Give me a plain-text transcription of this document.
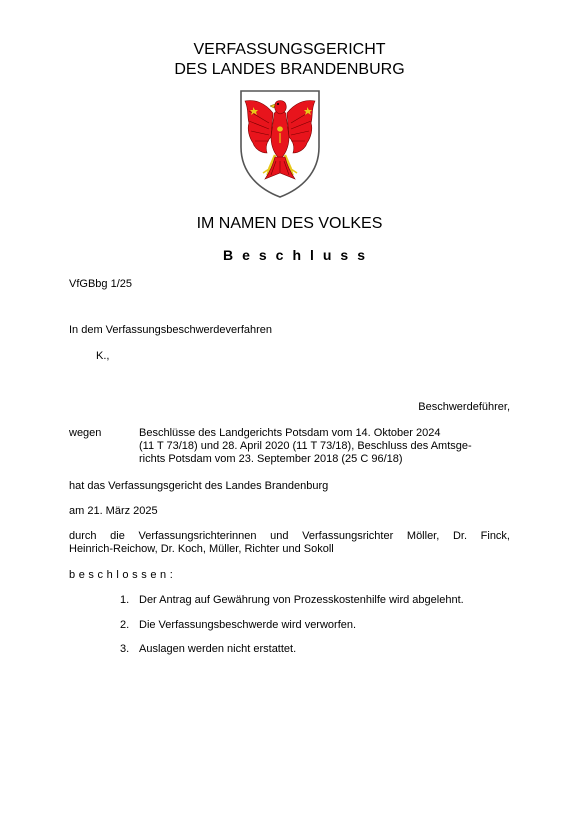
VERFASSUNGSGERICHT
DES LANDES BRANDENBURG
IM NAMEN DES VOLKES
Beschluss
VfGBbg 1/25
In dem Verfassungsbeschwerdeverfahren
K.,
Beschwerdeführer,
wegen	Beschlüsse des Landgerichts Potsdam vom 14. Oktober 2024
(11 T 73/18) und 28. April 2020 (11 T 73/18), Beschluss des Amtsge-
richts Potsdam vom 23. September 2018 (25 C 96/18)
hat das Verfassungsgericht des Landes Brandenburg
am 21. März 2025
durch die Verfassungsrichterinnen und Verfassungsrichter Möller, Dr. Finck,
Heinrich-Reichow, Dr. Koch, Müller, Richter und Sokoll
beschlossen:
1. Der Antrag auf Gewährung von Prozesskostenhilfe wird abgelehnt.
2. Die Verfassungsbeschwerde wird verworfen.
3. Auslagen werden nicht erstattet.
